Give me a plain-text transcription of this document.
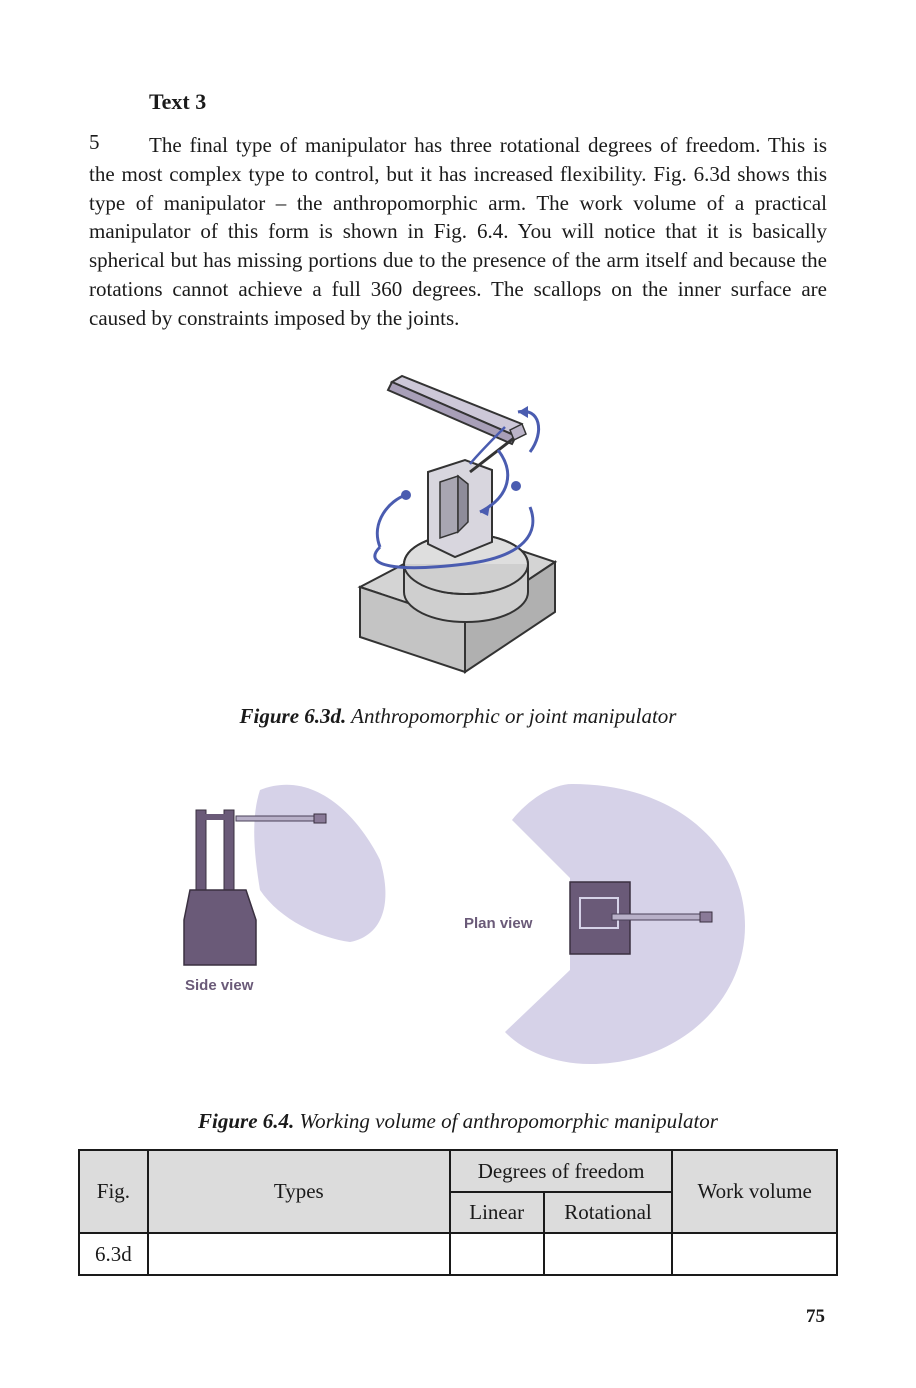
Text 3
5	The final type of manipulator has three rotational degrees of freedom. This is the most complex type to control, but it has increased flexibility. Fig. 6.3d shows this type of manipulator – the anthropomorphic arm. The work volume of a practical manipulator of this form is shown in Fig. 6.4. You will notice that it is basically spherical but has missing portions due to the presence of the arm itself and because the rotations cannot achieve a full 360 degrees. The scallops on the inner surface are caused by constraints imposed by the joints.
Figure 6.3d. Anthropomorphic or joint manipulator
Side view
Plan view
Figure 6.4. Working volume of anthropomorphic manipulator
Fig.	Types	Degrees of freedom		Work volume
		Linear	Rotational	
6.3d				
75
